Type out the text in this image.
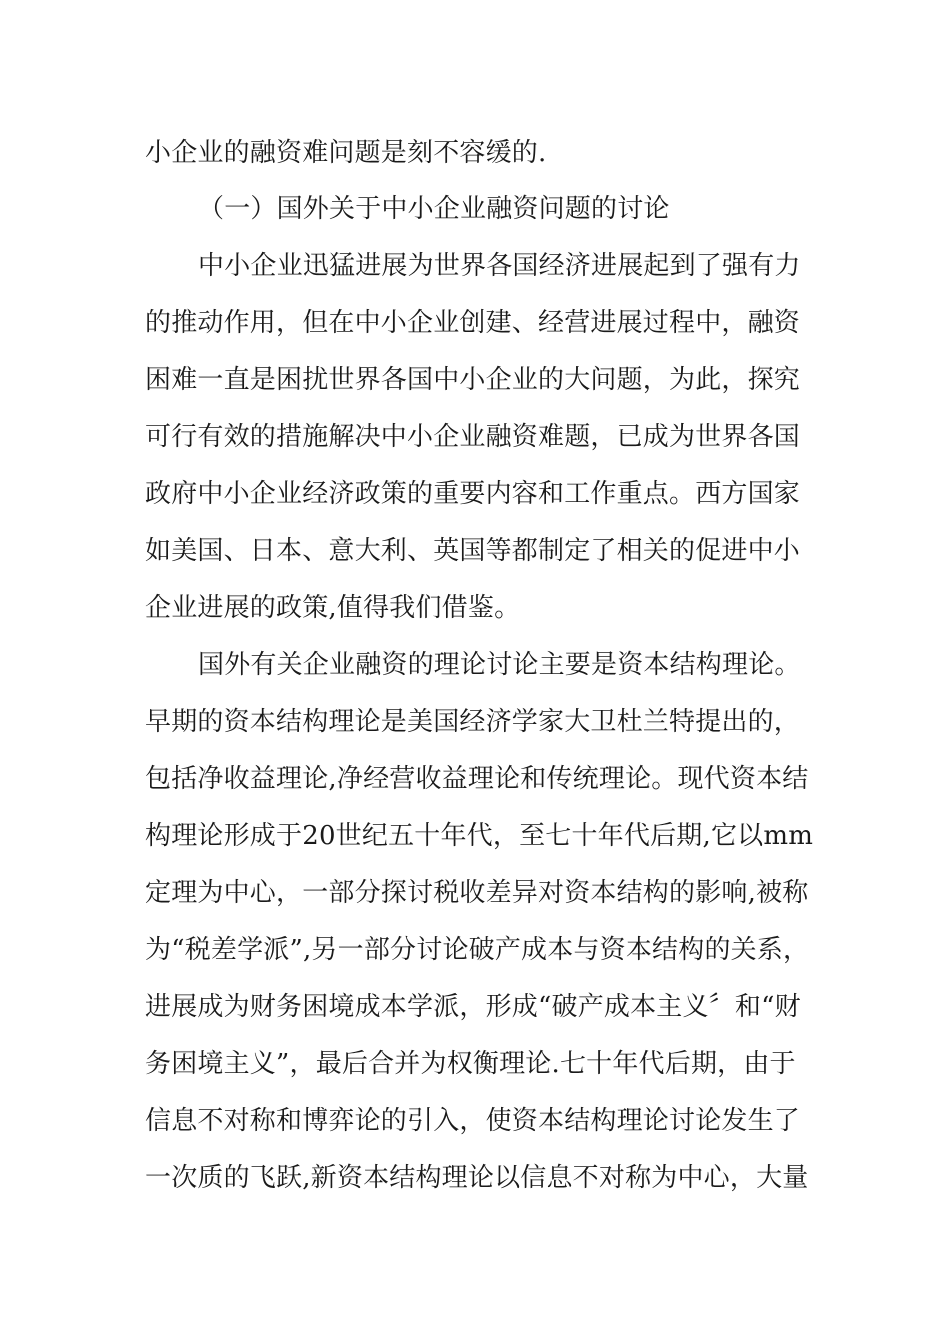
小企业的融资难问题是刻不容缓的.
（一）国外关于中小企业融资问题的讨论
中小企业迅猛进展为世界各国经济进展起到了强有力
的推动作用，但在中小企业创建、经营进展过程中，融资
困难一直是困扰世界各国中小企业的大问题，为此，探究
可行有效的措施解决中小企业融资难题，已成为世界各国
政府中小企业经济政策的重要内容和工作重点。西方国家
如美国、日本、意大利、英国等都制定了相关的促进中小
企业进展的政策,值得我们借鉴。
国外有关企业融资的理论讨论主要是资本结构理论。
早期的资本结构理论是美国经济学家大卫杜兰特提出的，
包括净收益理论,净经营收益理论和传统理论。现代资本结
构理论形成于20世纪五十年代，至七十年代后期,它以mm
定理为中心，一部分探讨税收差异对资本结构的影响,被称
为“税差学派”,另一部分讨论破产成本与资本结构的关系，
进展成为财务困境成本学派，形成“破产成本主义〞和“财
务困境主义”，最后合并为权衡理论.七十年代后期，由于
信息不对称和博弈论的引入，使资本结构理论讨论发生了
一次质的飞跃,新资本结构理论以信息不对称为中心，大量
